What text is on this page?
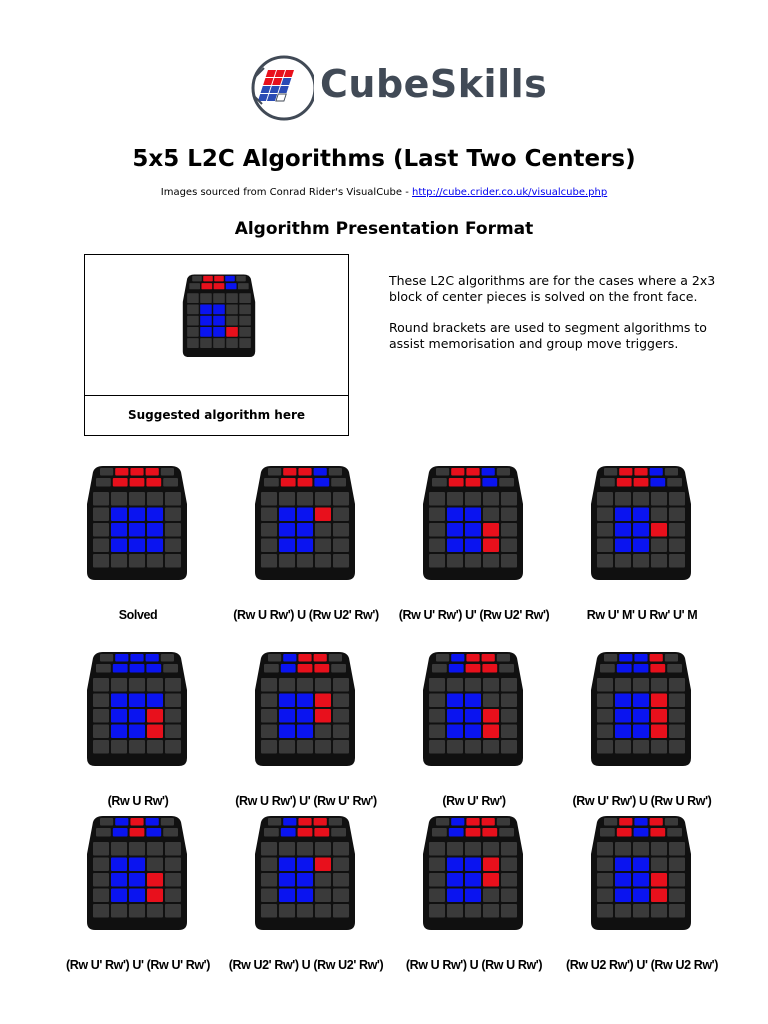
CubeSkills
5x5 L2C Algorithms (Last Two Centers)
Images sourced from Conrad Rider's VisualCube - http://cube.crider.co.uk/visualcube.php
Algorithm Presentation Format
Suggested algorithm here

These L2C algorithms are for the cases where a 2x3 block of center pieces is solved on the front face.

Round brackets are used to segment algorithms to assist memorisation and group move triggers.

Solved	(Rw U Rw') U (Rw U2' Rw')	(Rw U' Rw') U' (Rw U2' Rw')	Rw U' M' U Rw' U' M
(Rw U Rw')	(Rw U Rw') U' (Rw U' Rw')	(Rw U' Rw')	(Rw U' Rw') U (Rw U Rw')
(Rw U' Rw') U' (Rw U' Rw')	(Rw U2' Rw') U (Rw U2' Rw')	(Rw U Rw') U (Rw U Rw')	(Rw U2 Rw') U' (Rw U2 Rw')
